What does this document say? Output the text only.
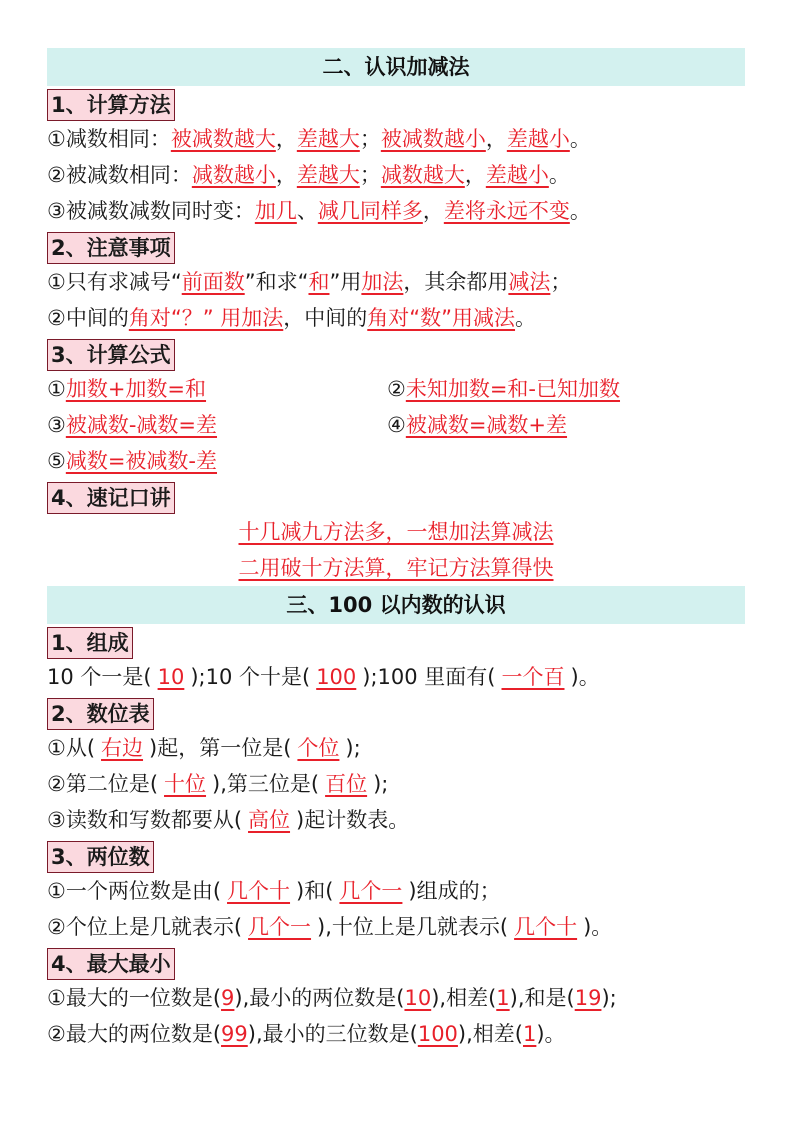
二、认识加减法
1、计算方法
①减数相同：被减数越大，差越大；被减数越小，差越小。
②被减数相同：减数越小，差越大；减数越大，差越小。
③被减数减数同时变：加几、减几同样多，差将永远不变。
2、注意事项
①只有求减号“前面数”和求“和”用加法，其余都用减法；
②中间的角对“？” 用加法，中间的角对“数”用减法。
3、计算公式
①加数+加数=和	②未知加数=和-已知加数
③被减数-减数=差	④被减数=减数+差
⑤减数=被减数-差
4、速记口讲
十几减九方法多，一想加法算减法
二用破十方法算，牢记方法算得快
三、100 以内数的认识
1、组成
10 个一是( 10 );10 个十是( 100 );100 里面有( 一个百 )。
2、数位表
①从( 右边 )起，第一位是( 个位 );
②第二位是( 十位 ),第三位是( 百位 );
③读数和写数都要从( 高位 )起计数表。
3、两位数
①一个两位数是由( 几个十 )和( 几个一 )组成的；
②个位上是几就表示( 几个一 ),十位上是几就表示( 几个十 )。
4、最大最小
①最大的一位数是(9),最小的两位数是(10),相差(1),和是(19);
②最大的两位数是(99),最小的三位数是(100),相差(1)。
